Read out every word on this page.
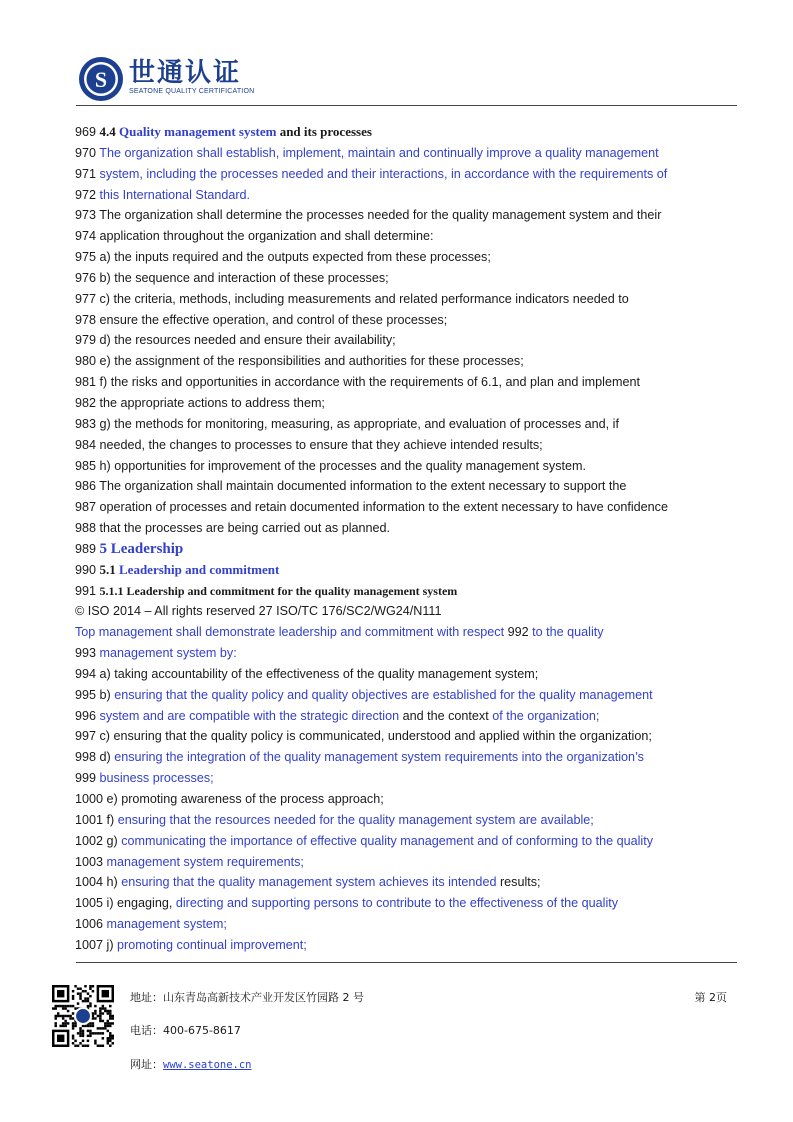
S 世通认证
SEATONE QUALITY CERTIFICATION
969 4.4 Quality management system and its processes
970 The organization shall establish, implement, maintain and continually improve a quality management
971 system, including the processes needed and their interactions, in accordance with the requirements of
972 this International Standard.
973 The organization shall determine the processes needed for the quality management system and their
974 application throughout the organization and shall determine:
975 a) the inputs required and the outputs expected from these processes;
976 b) the sequence and interaction of these processes;
977 c) the criteria, methods, including measurements and related performance indicators needed to
978 ensure the effective operation, and control of these processes;
979 d) the resources needed and ensure their availability;
980 e) the assignment of the responsibilities and authorities for these processes;
981 f) the risks and opportunities in accordance with the requirements of 6.1, and plan and implement
982 the appropriate actions to address them;
983 g) the methods for monitoring, measuring, as appropriate, and evaluation of processes and, if
984 needed, the changes to processes to ensure that they achieve intended results;
985 h) opportunities for improvement of the processes and the quality management system.
986 The organization shall maintain documented information to the extent necessary to support the
987 operation of processes and retain documented information to the extent necessary to have confidence
988 that the processes are being carried out as planned.
989 5 Leadership
990 5.1 Leadership and commitment
991 5.1.1 Leadership and commitment for the quality management system
© ISO 2014 – All rights reserved 27 ISO/TC 176/SC2/WG24/N111
Top management shall demonstrate leadership and commitment with respect 992 to the quality
993 management system by:
994 a) taking accountability of the effectiveness of the quality management system;
995 b) ensuring that the quality policy and quality objectives are established for the quality management
996 system and are compatible with the strategic direction and the context of the organization;
997 c) ensuring that the quality policy is communicated, understood and applied within the organization;
998 d) ensuring the integration of the quality management system requirements into the organization’s
999 business processes;
1000 e) promoting awareness of the process approach;
1001 f) ensuring that the resources needed for the quality management system are available;
1002 g) communicating the importance of effective quality management and of conforming to the quality
1003 management system requirements;
1004 h) ensuring that the quality management system achieves its intended results;
1005 i) engaging, directing and supporting persons to contribute to the effectiveness of the quality
1006 management system;
1007 j) promoting continual improvement;
地址：山东青岛高新技术产业开发区竹园路 2 号
电话：400-675-8617
网址：www.seatone.cn
第 2页
